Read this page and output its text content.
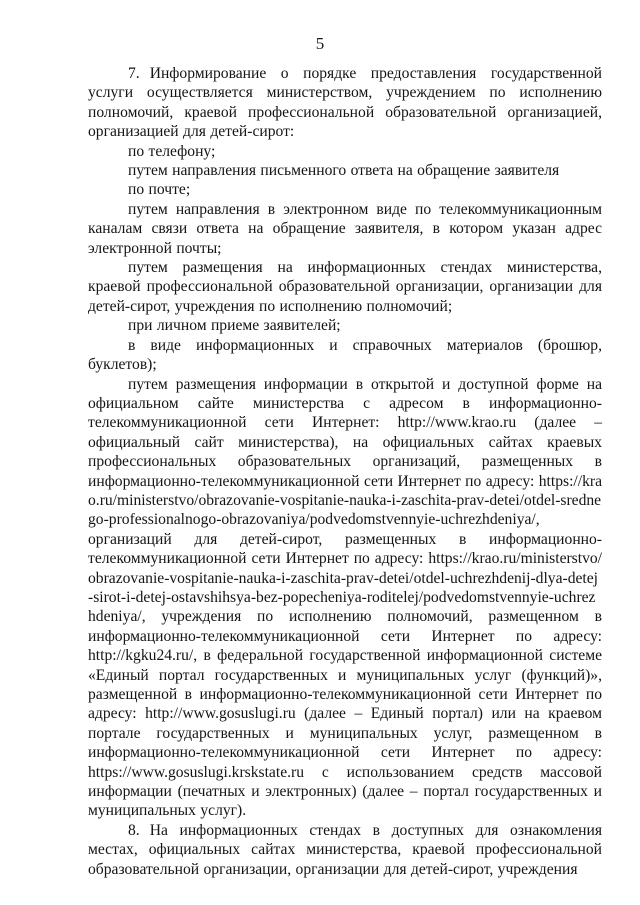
5

7. Информирование о порядке предоставления государственной услуги осуществляется министерством, учреждением по исполнению полномочий, краевой профессиональной образовательной организацией, организацией для детей-сирот:

по телефону;

путем направления письменного ответа на обращение заявителя

по почте;

путем направления в электронном виде по телекоммуникационным каналам связи ответа на обращение заявителя, в котором указан адрес электронной почты;

путем размещения на информационных стендах министерства, краевой профессиональной образовательной организации, организации для детей-сирот, учреждения по исполнению полномочий;

при личном приеме заявителей;

в виде информационных и справочных материалов (брошюр, буклетов);

путем размещения информации в открытой и доступной форме на официальном сайте министерства с адресом в информационно-телекоммуникационной сети Интернет: http://www.krao.ru (далее – официальный сайт министерства), на официальных сайтах краевых профессиональных образовательных организаций, размещенных в информационно-телекоммуникационной сети Интернет по адресу: https://krao.ru/ministerstvo/obrazovanie-vospitanie-nauka-i-zaschita-prav-detei/otdel-srednego-professionalnogo-obrazovaniya/podvedomstvennyie-uchrezhdeniya/, организаций для детей-сирот, размещенных в информационно-телекоммуникационной сети Интернет по адресу: https://krao.ru/ministerstvo/obrazovanie-vospitanie-nauka-i-zaschita-prav-detei/otdel-uchrezhdenij-dlya-detej-sirot-i-detej-ostavshihsya-bez-popecheniya-roditelej/podvedomstvennyie-uchrezhdeniya/, учреждения по исполнению полномочий, размещенном в информационно-телекоммуникационной сети Интернет по адресу: http://kgku24.ru/, в федеральной государственной информационной системе «Единый портал государственных и муниципальных услуг (функций)», размещенной в информационно-телекоммуникационной сети Интернет по адресу: http://www.gosuslugi.ru (далее – Единый портал) или на краевом портале государственных и муниципальных услуг, размещенном в информационно-телекоммуникационной сети Интернет по адресу: https://www.gosuslugi.krskstate.ru с использованием средств массовой информации (печатных и электронных) (далее – портал государственных и муниципальных услуг).

8. На информационных стендах в доступных для ознакомления местах, официальных сайтах министерства, краевой профессиональной образовательной организации, организации для детей-сирот, учреждения
